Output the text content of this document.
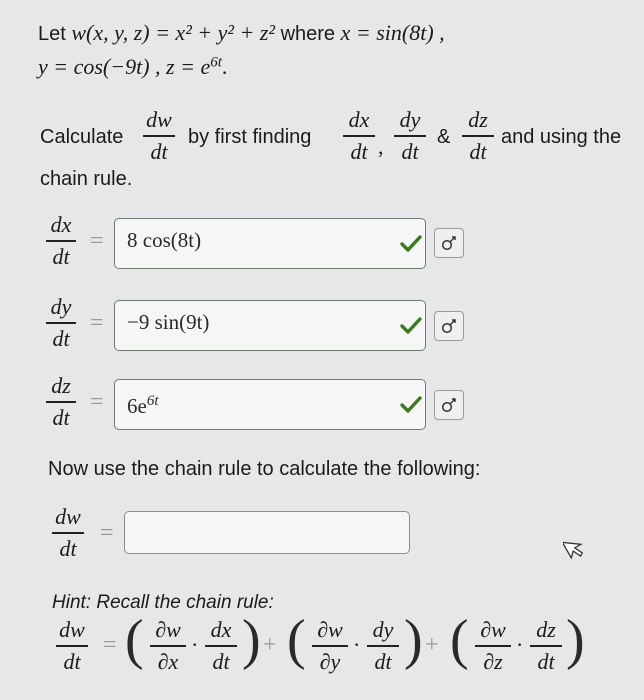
Let w(x, y, z) = x² + y² + z² where x = sin(8t) ,
y = cos(−9t) , $z = e^{6t}$.
Calculate
dw
dt
by first finding
dx
dt ,
dy
dt
&
dz
dt
and using the
chain rule.
dx
dt
= 8 cos(8t)
dy
dt
= −9 sin(9t)
dz
dt
= $6e^{6t}$
Now use the chain rule to calculate the following:
dw
dt
=
Hint: Recall the chain rule:
dw
dt
= ( ∂w
∂x
·
dx
dt ) + ( ∂w
∂y
·
dy
dt ) + ( ∂w
∂z
·
dz
dt )
